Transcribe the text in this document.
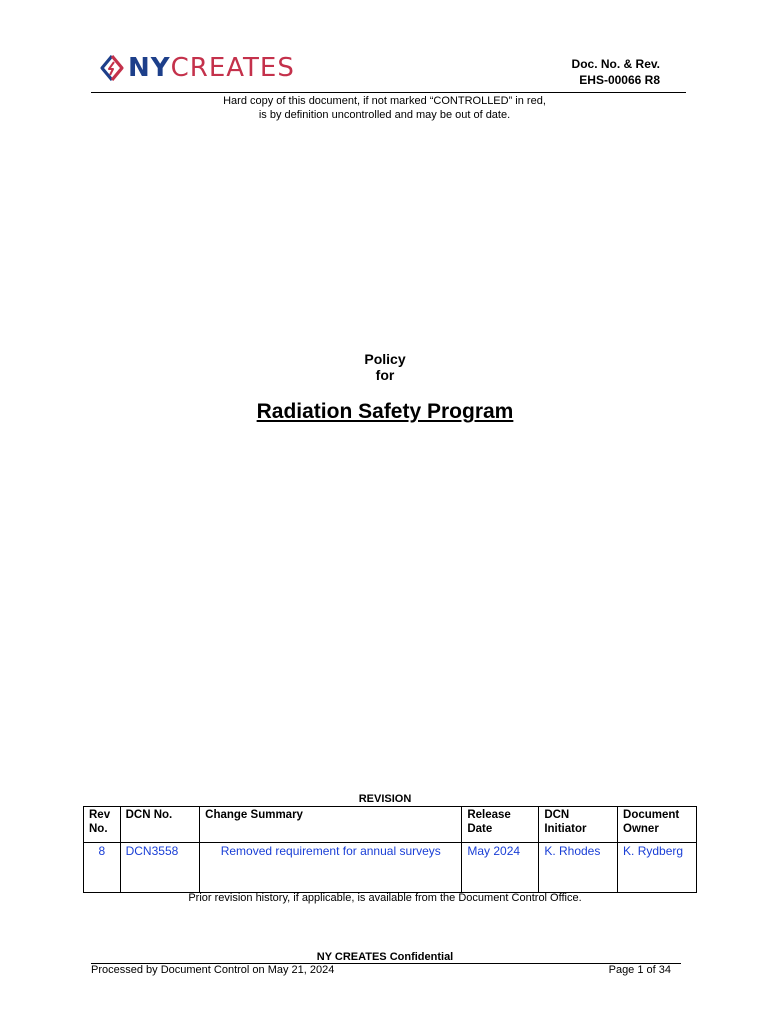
NYCREATES	Doc. No. & Rev.
EHS-00066 R8
Hard copy of this document, if not marked “CONTROLLED” in red,
is by definition uncontrolled and may be out of date.
Policy
for
Radiation Safety Program
REVISION
Rev No.	DCN No.	Change Summary	Release Date	DCN Initiator	Document Owner
8	DCN3558	Removed requirement for annual surveys	May 2024	K. Rhodes	K. Rydberg
Prior revision history, if applicable, is available from the Document Control Office.
NY CREATES Confidential
Processed by Document Control on May 21, 2024	Page 1 of 34
